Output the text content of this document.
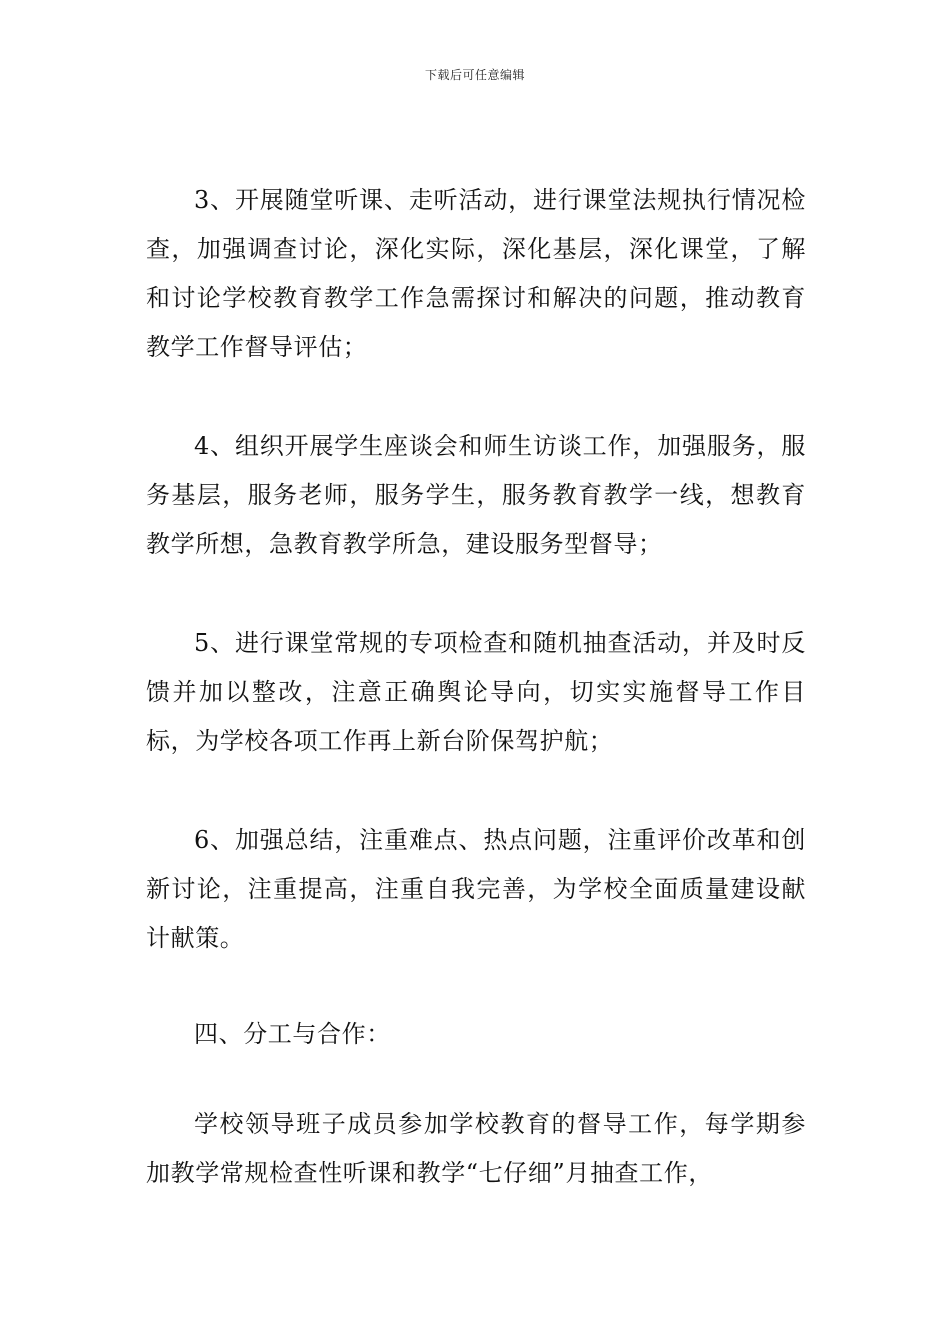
下载后可任意编辑

3、开展随堂听课、走听活动，进行课堂法规执行情况检查，加强调查讨论，深化实际，深化基层，深化课堂，了解和讨论学校教育教学工作急需探讨和解决的问题，推动教育教学工作督导评估；

4、组织开展学生座谈会和师生访谈工作，加强服务，服务基层，服务老师，服务学生，服务教育教学一线，想教育教学所想，急教育教学所急，建设服务型督导；

5、进行课堂常规的专项检查和随机抽查活动，并及时反馈并加以整改，注意正确舆论导向，切实实施督导工作目标，为学校各项工作再上新台阶保驾护航；

6、加强总结，注重难点、热点问题，注重评价改革和创新讨论，注重提高，注重自我完善，为学校全面质量建设献计献策。

四、分工与合作：

学校领导班子成员参加学校教育的督导工作，每学期参加教学常规检查性听课和教学“七仔细”月抽查工作，
